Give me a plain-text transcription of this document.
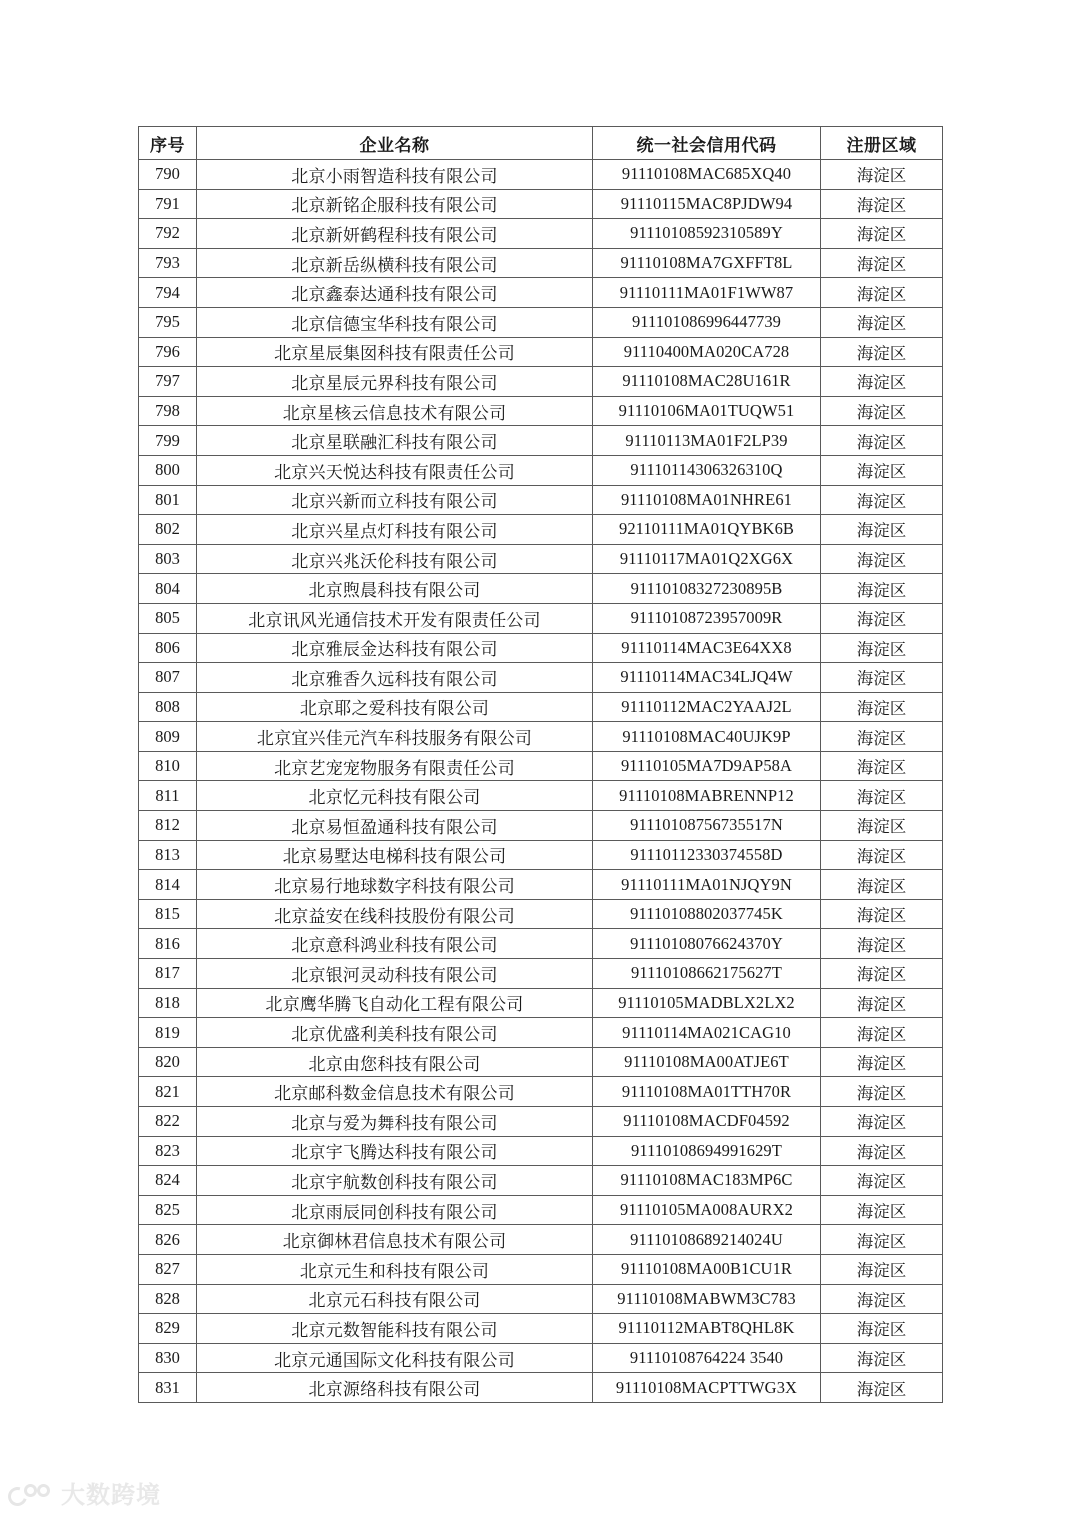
序号	企业名称	统一社会信用代码	注册区域
790	北京小雨智造科技有限公司	91110108MAC685XQ40	海淀区
791	北京新铭企服科技有限公司	91110115MAC8PJDW94	海淀区
792	北京新妍鹤程科技有限公司	91110108592310589Y	海淀区
793	北京新岳纵横科技有限公司	91110108MA7GXFFT8L	海淀区
794	北京鑫泰达通科技有限公司	91110111MA01F1WW87	海淀区
795	北京信德宝华科技有限公司	911101086996447739	海淀区
796	北京星辰集囡科技有限责任公司	91110400MA020CA728	海淀区
797	北京星辰元界科技有限公司	91110108MAC28U161R	海淀区
798	北京星核云信息技术有限公司	91110106MA01TUQW51	海淀区
799	北京星联融汇科技有限公司	91110113MA01F2LP39	海淀区
800	北京兴天悦达科技有限责任公司	91110114306326310Q	海淀区
801	北京兴新而立科技有限公司	91110108MA01NHRE61	海淀区
802	北京兴星点灯科技有限公司	92110111MA01QYBK6B	海淀区
803	北京兴兆沃伦科技有限公司	91110117MA01Q2XG6X	海淀区
804	北京煦晨科技有限公司	91110108327230895B	海淀区
805	北京讯风光通信技术开发有限责任公司	91110108723957009R	海淀区
806	北京雅辰金达科技有限公司	91110114MAC3E64XX8	海淀区
807	北京雅香久远科技有限公司	91110114MAC34LJQ4W	海淀区
808	北京耶之爱科技有限公司	91110112MAC2YAAJ2L	海淀区
809	北京宜兴佳元汽车科技服务有限公司	91110108MAC40UJK9P	海淀区
810	北京艺宠宠物服务有限责任公司	91110105MA7D9AP58A	海淀区
811	北京忆元科技有限公司	91110108MABRENNP12	海淀区
812	北京易恒盈通科技有限公司	91110108756735517N	海淀区
813	北京易墅达电梯科技有限公司	91110112330374558D	海淀区
814	北京易行地球数字科技有限公司	91110111MA01NJQY9N	海淀区
815	北京益安在线科技股份有限公司	91110108802037745K	海淀区
816	北京意科鸿业科技有限公司	91110108076624370Y	海淀区
817	北京银河灵动科技有限公司	91110108662175627T	海淀区
818	北京鹰华腾飞自动化工程有限公司	91110105MADBLX2LX2	海淀区
819	北京优盛利美科技有限公司	91110114MA021CAG10	海淀区
820	北京由您科技有限公司	91110108MA00ATJE6T	海淀区
821	北京邮科数金信息技术有限公司	91110108MA01TTH70R	海淀区
822	北京与爱为舞科技有限公司	91110108MACDF04592	海淀区
823	北京宇飞腾达科技有限公司	91110108694991629T	海淀区
824	北京宇航数创科技有限公司	91110108MAC183MP6C	海淀区
825	北京雨辰同创科技有限公司	91110105MA008AURX2	海淀区
826	北京御林君信息技术有限公司	91110108689214024U	海淀区
827	北京元生和科技有限公司	91110108MA00B1CU1R	海淀区
828	北京元石科技有限公司	91110108MABWM3C783	海淀区
829	北京元数智能科技有限公司	91110112MABT8QHL8K	海淀区
830	北京元通国际文化科技有限公司	91110108764224 3540	海淀区
831	北京源络科技有限公司	91110108MACPTTWG3X	海淀区
大数跨境
